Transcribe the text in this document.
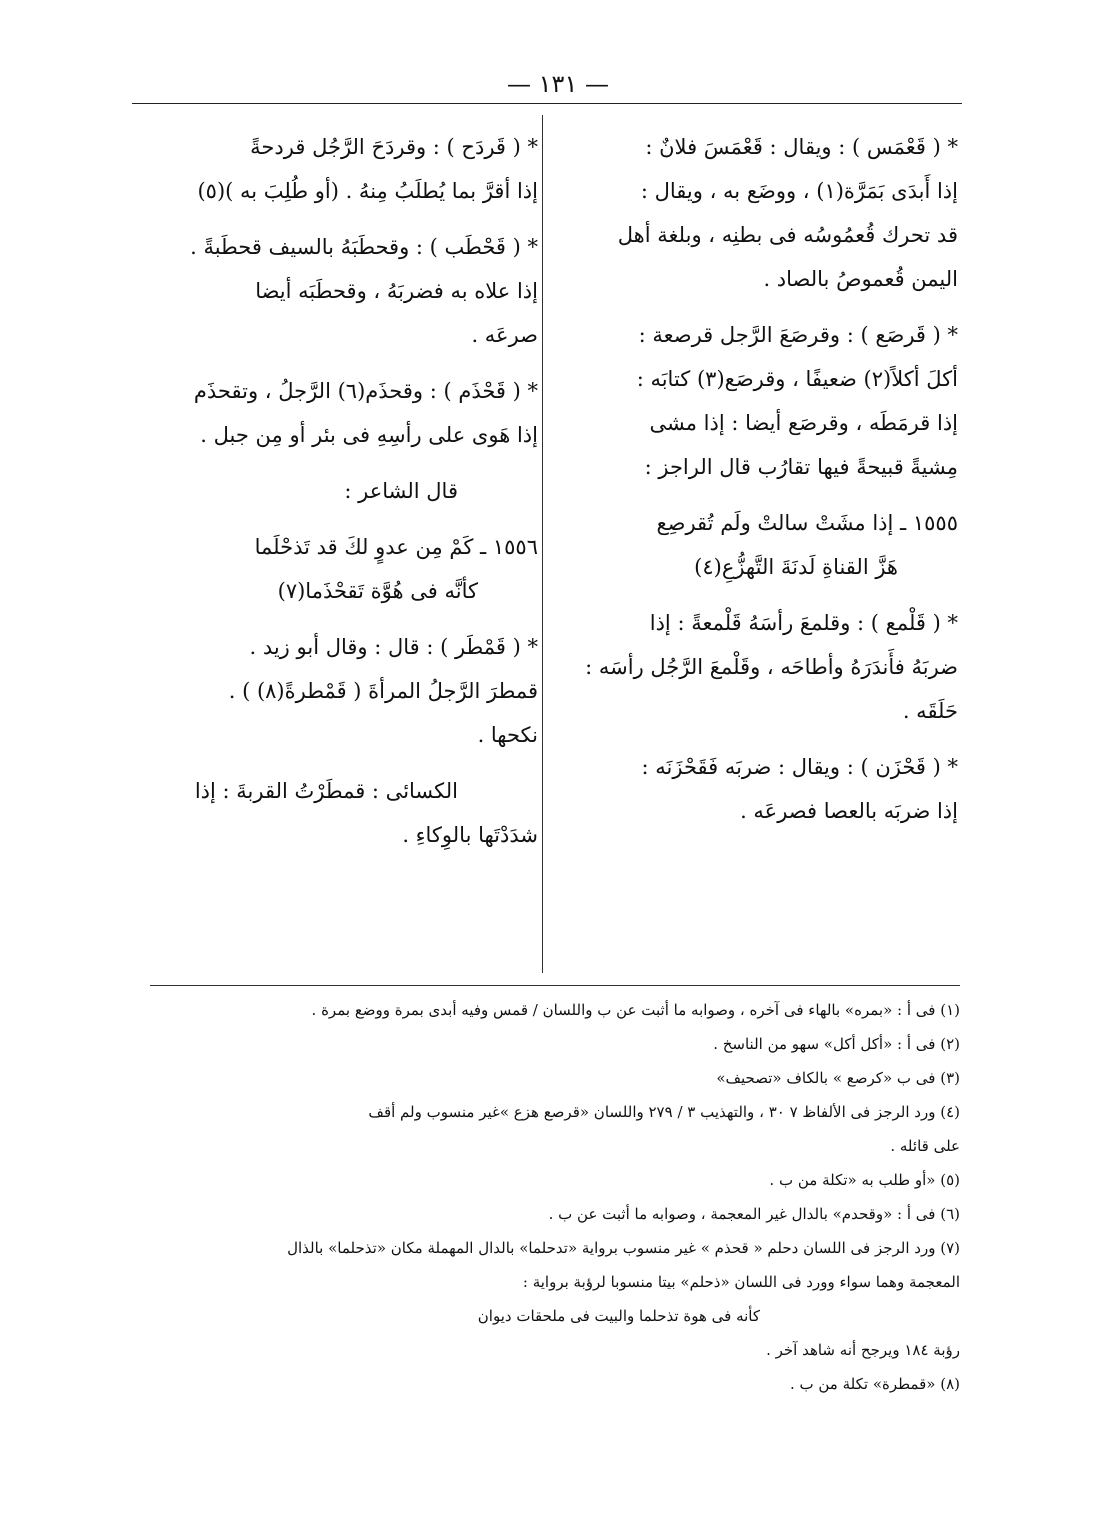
— ١٣١ —
* ( قَعْمَس ) : ويقال : قَعْمَسَ فلانٌ :
إذا أَبدَى بَمَرَّة(١) ، ووضَع به ، ويقال :
قد تحرك قُعمُوسُه فى بطنِه ، وبلغة أهل
اليمن قُعموصُ بالصاد .
* ( قَرصَع ) : وقرصَعَ الرَّجل قرصعة :
أكلَ أكلاً(٢) ضعيفًا ، وقرصَع(٣) كتابَه :
إذا قرمَطَه ، وقرصَع أيضا : إذا مشى
مِشيةً قبيحةً فيها تقارُب قال الراجز :
١٥٥٥ ـ إذا مشَتْ سالتْ ولَم تُقرصِع
هَزَّ القناةِ لَدنَةَ التَّهزُّعِ(٤)
* ( قَلْمع ) : وقلمعَ رأسَهُ قَلْمعةً : إذا
ضربَهُ فأَندَرَهُ وأطاحَه ، وقَلْمعَ الرَّجُل رأسَه :
حَلَقَه .
* ( قَحْزَن ) : ويقال : ضربَه فَقَحْزَنَه :
إذا ضربَه بالعصا فصرعَه .
* ( قَردَح ) : وقردَحَ الرَّجُل قردحةً
إذا أقرَّ بما يُطلَبُ مِنهُ . (أو طُلِبَ به )(٥)
* ( قَحْطَب ) : وقحطَبَهُ بالسيف قحطَبةً .
إذا علاه به فضربَهُ ، وقحطَبَه أيضا
صرعَه .
* ( قَحْذَم ) : وقحذَم(٦) الرَّجلُ ، وتقحذَم
إذا هَوى على رأسِهِ فى بئر أو مِن جبل .
قال الشاعر :
١٥٥٦ ـ كَمْ مِن عدوٍ لكَ قد تَذحْلَما
كأنَّه فى هُوَّة تَقحْذَما(٧)
* ( قَمْطَر ) : قال : وقال أبو زيد .
قمطرَ الرَّجلُ المرأةَ ( قَمْطرةً(٨) ) .
نكحها .
الكسائى : قمطَرْتُ القربةَ : إذا
شدَدْتَها بالوِكاءِ .
(١) فى أ : «بمره» بالهاء فى آخره ، وصوابه ما أثبت عن ب واللسان / قمس وفيه أبدى بمرة ووضع بمرة .
(٢) فى أ : «أكل أكل» سهو من الناسخ .
(٣) فى ب «كرصع » بالكاف «تصحيف»
(٤) ورد الرجز فى الألفاظ ٧ ٣٠ ، والتهذيب ٣ / ٢٧٩ واللسان «قرصع هزع »غير منسوب ولم أقف
على قائله .
(٥) «أو طلب به «تكلة من ب .
(٦) فى أ : «وقحدم» بالدال غير المعجمة ، وصوابه ما أثبت عن ب .
(٧) ورد الرجز فى اللسان دحلم « قحذم » غير منسوب برواية «تدحلما» بالدال المهملة مكان «تذحلما» بالذال
المعجمة وهما سواء وورد فى اللسان «ذحلم» بيتا منسوبا لرؤبة برواية :
كأنه فى هوة تذحلما والبيت فى ملحقات ديوان
رؤبة ١٨٤ ويرجح أنه شاهد آخر .
(٨) «قمطرة» تكلة من ب .
